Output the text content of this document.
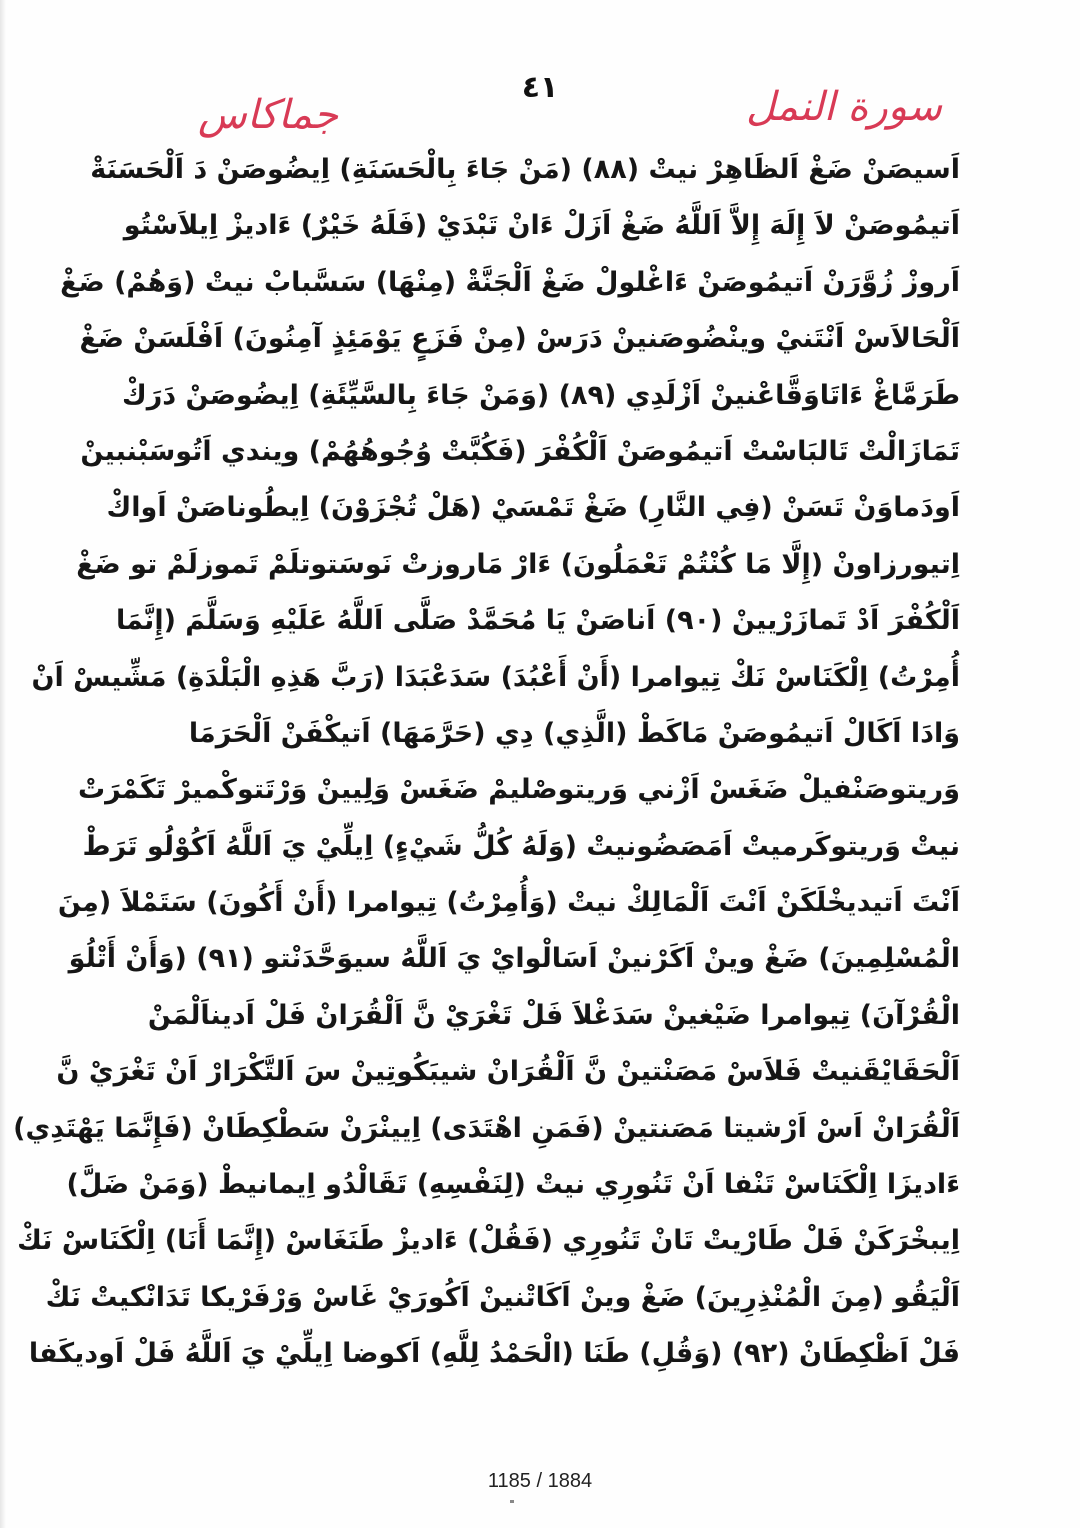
سورة النمل
٤١
جماكاس
اَسيصَنْ ضَغْ اَلظَاهِرْ نيتْ (٨٨) (مَنْ جَاءَ بِالْحَسَنَةِ) اِيضُوصَنْ دَ اَلْحَسَنَةْ
اَتيمُوصَنْ لاَ إِلَهَ إِلاَّ اَللَّهُ ضَغْ اَزَلْ ءَانْ تَبْدَيْ (فَلَهُ خَيْرٌ) ءَاديزْ اِيلاَسْتُو
اَروزْ زُوَّرَنْ اَتيمُوصَنْ ءَاغْلولْ ضَغْ اَلْجَنَّةْ (مِنْهَا) سَسَّبابْ نيتْ (وَهُمْ) ضَغْ
اَلْحَالاَسْ اَنْتَنيْ وينْضُوصَنينْ دَرَسْ (مِنْ فَزَعٍ يَوْمَئِذٍ آمِنُونَ) اَفْلَسَنْ ضَغْ
طَرَمَّاغْ ءَاتَاوَقَّاعْنينْ اَزْلَدِي (٨٩) (وَمَنْ جَاءَ بِالسَّيِّئَةِ) اِيضُوصَنْ دَرَكْ
تَمَازَالْتْ تَالبَاسْتْ اَتيمُوصَنْ اَلْكُفْرَ (فَكُبَّتْ وُجُوهُهُمْ) ويندي اَتُوسَبْنبينْ
اَودَماوَنْ تَسَنْ (فِي النَّارِ) ضَغْ تَمْسَيْ (هَلْ تُجْزَوْنَ) اِيطُوناصَنْ اَواكْ
اِتيورزاونْ (إِلَّا مَا كُنْتُمْ تَعْمَلُونَ) ءَارْ مَاروزتْ نَوسَتوتلَمْ تَموزلَمْ تو ضَغْ
اَلْكُفْرَ اَدْ تَمازَرْيينْ (٩٠) اَناصَنْ يَا مُحَمَّدْ صَلَّى اَللَّهُ عَلَيْهِ وَسَلَّمَ (إِنَّمَا
أُمِرْتُ) اِلْكَنَاسْ نَكْ تِيوامرا (أَنْ أَعْبُدَ) سَدَعْبَدَا (رَبَّ هَذِهِ الْبَلْدَةِ) مَشِّيسْ اَنْ
وَادَا اَكَالْ اَتيمُوصَنْ مَاكَطْ (الَّذِي) دِي (حَرَّمَهَا) اَتيكْفَنْ اَلْحَرَمَا
وَريتوصَنْفيلْ ضَغَسْ اَزْني وَريتوصْليمْ ضَغَسْ وَلِيينْ وَرْتَتوكْميرْ تَكَمْرَتْ
نيتْ وَريتوكَرميتْ اَمَصَضُونيتْ (وَلَهُ كُلُّ شَيْءٍ) اِيلِّيْ يَ اَللَّهُ اَكُوْلُو تَرَطْ
اَنْتَ اَتيديخْلَكَنْ اَنْتَ اَلْمَالِكْ نيتْ (وَأُمِرْتُ) تِيوامرا (أَنْ أَكُونَ) سَتَمْلاَ (مِنَ
الْمُسْلِمِينَ) ضَغْ وينْ اَكَرْنينْ اَسَالْوايْ يَ اَللَّهُ سيوَحَّدَنْتو (٩١) (وَأَنْ أَتْلُوَ
الْقُرْآنَ) تِيوامرا ضَيْغينْ سَدَغْلاَ فَلْ تَغْرَيْ نَّ اَلْقُرَانْ فَلْ اَديناَلْمَنْ
اَلْحَقَايْقَنيتْ فَلاَسْ مَصَنْتينْ نَّ اَلْقُرَانْ شيبَكُوتِينْ سَ اَلتَّكْرَارْ اَنْ تَغْرَيْ نَّ
اَلْقُرَانْ اَسْ اَرْشيتا مَصَنتينْ (فَمَنِ اهْتَدَى) اِيينْرَنْ سَطْكِطَانْ (فَإِنَّمَا يَهْتَدِي)
ءَاديزَا اِلْكَنَاسْ تَنْفا اَنْ تَنُورِي نيتْ (لِنَفْسِهِ) تَقَالْدُو اِيمانيطْ (وَمَنْ ضَلَّ)
اِيبخْرَكَنْ فَلْ طَارْيتْ تَانْ تَنُورِي (فَقُلْ) ءَاديزْ طَنَغَاسْ (إِنَّمَا أَنَا) اِلْكَنَاسْ نَكْ
اَلْيَقُو (مِنَ الْمُنْذِرِينَ) ضَغْ وينْ اَكَاتْنينْ اَكُورَيْ غَاسْ وَرْفَرْيكا تَدَانْكيتْ نَكْ
فَلْ اَظْكِطَانْ (٩٢) (وَقُلِ) طَنَا (الْحَمْدُ لِلَّهِ) اَكوضا اِيلِّيْ يَ اَللَّهُ فَلْ اَوديكَفا
1185 / 1884
